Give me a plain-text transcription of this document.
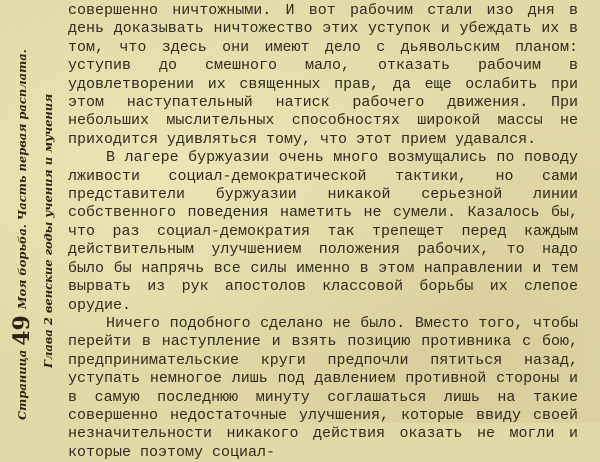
Страница
49
Моя борьба. Часть первая расплата. Глава 2 венские годы учения и мучения

совершенно ничтожными. И вот рабочим стали изо дня в день доказывать ничтожество этих уступок и убеждать их в том, что здесь они имеют дело с дьявольским планом: уступив до смешного мало, отказать рабочим в удовлетворении их священных прав, да еще ослабить при этом наступательный натиск рабочего движения. При небольших мыслительных способностях широкой массы не приходится удивляться тому, что этот прием удавался.

В лагере буржуазии очень много возмущались по поводу лживости социал-демократической тактики, но сами представители буржуазии никакой серьезной линии собственного поведения наметить не сумели. Казалось бы, что раз социал-демократия так трепещет перед каждым действительным улучшением положения рабочих, то надо было бы напрячь все силы именно в этом направлении и тем вырвать из рук апостолов классовой борьбы их слепое орудие.

Ничего подобного сделано не было. Вместо того, чтобы перейти в наступление и взять позицию противника с бою, предпринимательские круги предпочли пятиться назад, уступать немногое лишь под давлением противной стороны и в самую последнюю минуту соглашаться лишь на такие совершенно недостаточные улучшения, которые ввиду своей незначительности никакого действия оказать не могли и которые поэтому социал-
